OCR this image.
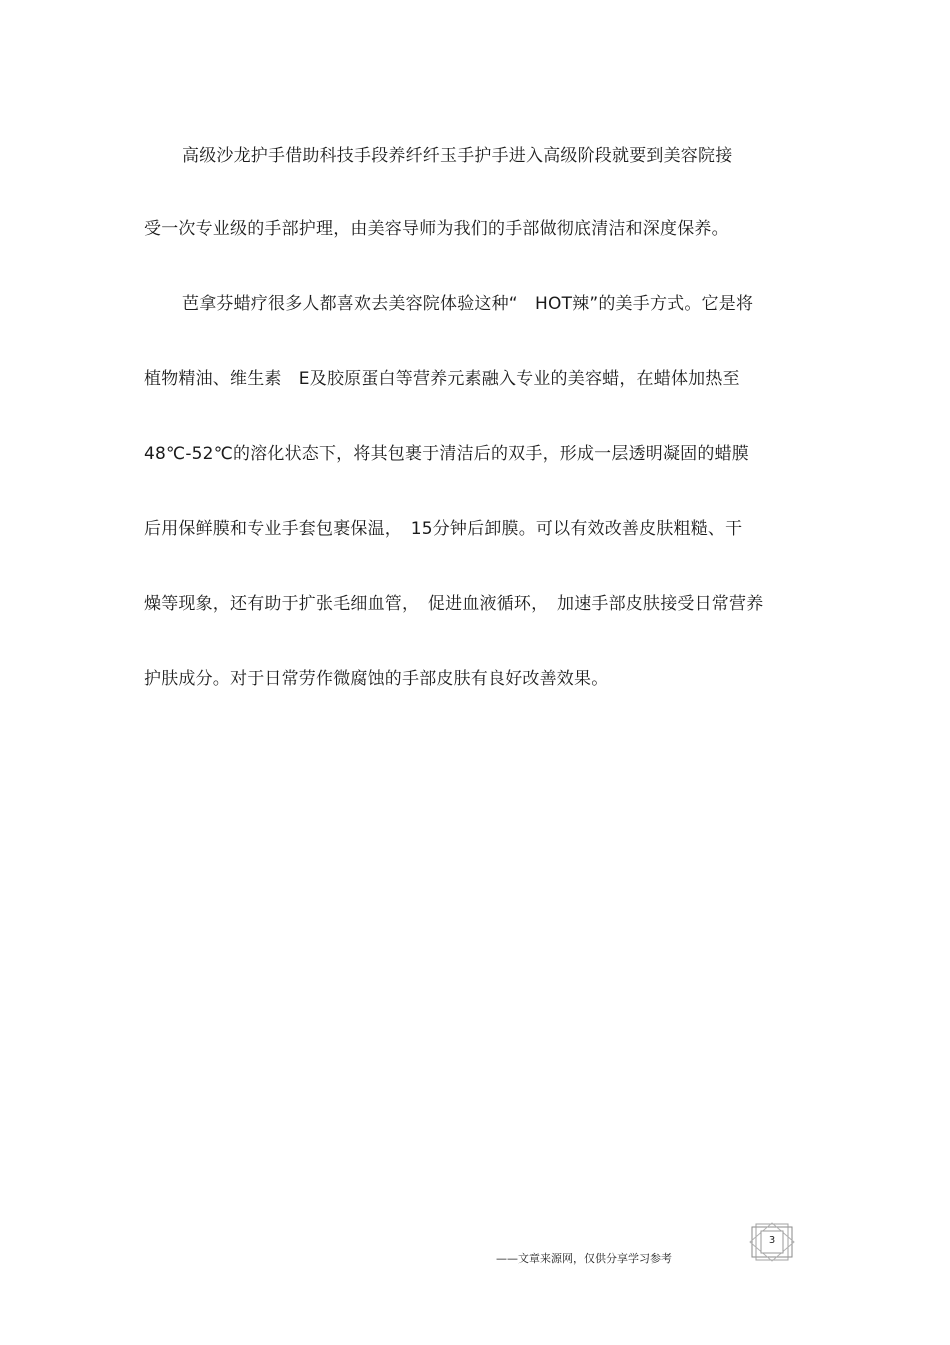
高级沙龙护手借助科技手段养纤纤玉手护手进入高级阶段就要到美容院接
受一次专业级的手部护理，由美容导师为我们的手部做彻底清洁和深度保养。
芭拿芬蜡疗很多人都喜欢去美容院体验这种“　HOT辣”的美手方式。它是将
植物精油、维生素　E及胶原蛋白等营养元素融入专业的美容蜡，在蜡体加热至
48℃-52℃的溶化状态下，将其包裹于清洁后的双手，形成一层透明凝固的蜡膜
后用保鲜膜和专业手套包裹保温，　15分钟后卸膜。可以有效改善皮肤粗糙、干
燥等现象，还有助于扩张毛细血管，　促进血液循环，　加速手部皮肤接受日常营养
护肤成分。对于日常劳作微腐蚀的手部皮肤有良好改善效果。
——文章来源网，仅供分享学习参考
3
